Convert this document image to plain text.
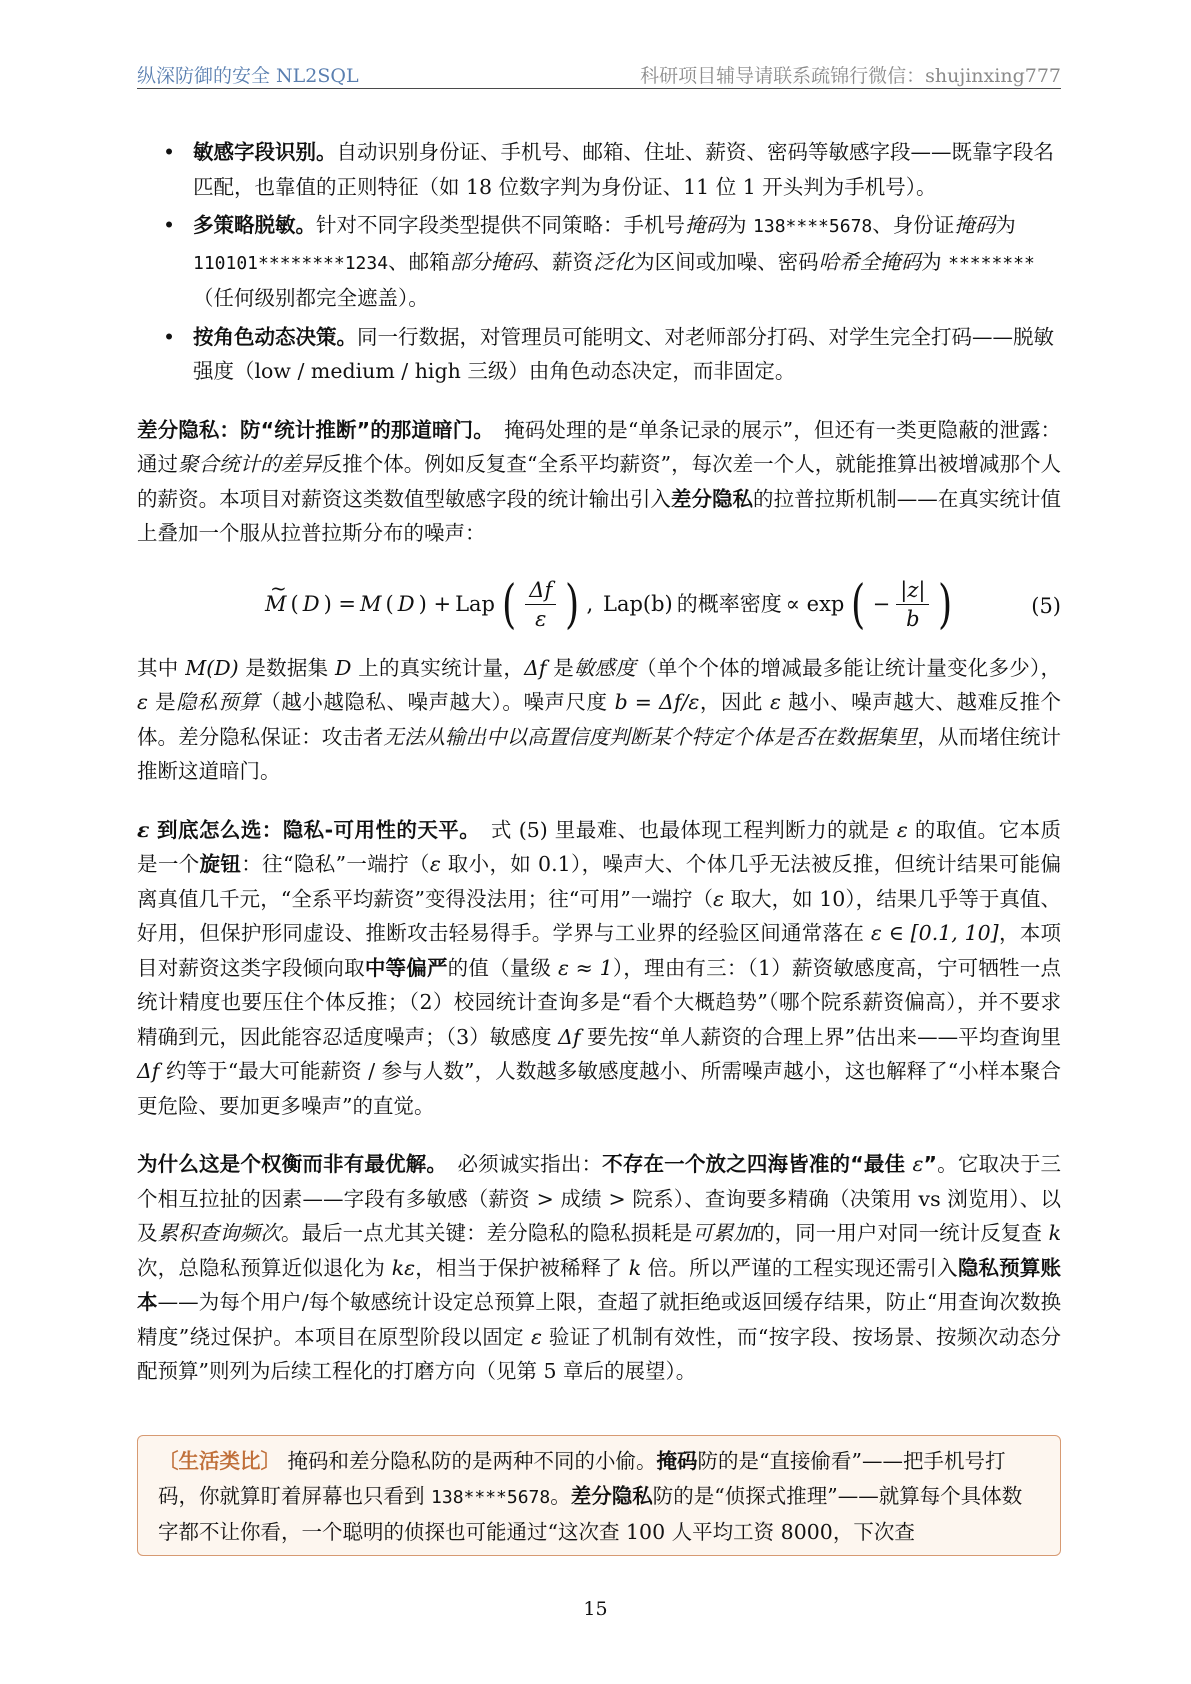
纵深防御的安全 NL2SQL	科研项目辅导请联系疏锦行微信：shujinxing777
• 敏感字段识别。自动识别身份证、手机号、邮箱、住址、薪资、密码等敏感字段——既靠字段名匹配，也靠值的正则特征（如 18 位数字判为身份证、11 位 1 开头判为手机号）。
• 多策略脱敏。针对不同字段类型提供不同策略：手机号掩码为 138****5678、身份证掩码为 110101********1234、邮箱部分掩码、薪资泛化为区间或加噪、密码哈希全掩码为 ********（任何级别都完全遮盖）。
• 按角色动态决策。同一行数据，对管理员可能明文、对老师部分打码、对学生完全打码——脱敏强度（low / medium / high 三级）由角色动态决定，而非固定。

差分隐私：防“统计推断”的那道暗门。　掩码处理的是“单条记录的展示”，但还有一类更隐蔽的泄露：通过聚合统计的差异反推个体。例如反复查“全系平均薪资”，每次差一个人，就能推算出被增减那个人的薪资。本项目对薪资这类数值型敏感字段的统计输出引入差分隐私的拉普拉斯机制——在真实统计值上叠加一个服从拉普拉斯分布的噪声：

~ M ( D ) = M ( D ) + Lap ( $\frac{\Delta f}{\varepsilon}$ ) , Lap(b) 的概率密度 ∝ exp ( − $\frac{|z|}{b}$ )	(5)

其中 M(D) 是数据集 D 上的真实统计量，Δf 是敏感度（单个个体的增减最多能让统计量变化多少），ε 是隐私预算（越小越隐私、噪声越大）。噪声尺度 b = Δf/ε，因此 ε 越小、噪声越大、越难反推个体。差分隐私保证：攻击者无法从输出中以高置信度判断某个特定个体是否在数据集里，从而堵住统计推断这道暗门。

ε 到底怎么选：隐私-可用性的天平。　式 (5) 里最难、也最体现工程判断力的就是 ε 的取值。它本质是一个旋钮：往“隐私”一端拧（ε 取小，如 0.1），噪声大、个体几乎无法被反推，但统计结果可能偏离真值几千元，“全系平均薪资”变得没法用；往“可用”一端拧（ε 取大，如 10），结果几乎等于真值、好用，但保护形同虚设、推断攻击轻易得手。学界与工业界的经验区间通常落在 ε ∈ [0.1, 10]，本项目对薪资这类字段倾向取中等偏严的值（量级 ε ≈ 1），理由有三：（1）薪资敏感度高，宁可牺牲一点统计精度也要压住个体反推；（2）校园统计查询多是“看个大概趋势”（哪个院系薪资偏高），并不要求精确到元，因此能容忍适度噪声；（3）敏感度 Δf 要先按“单人薪资的合理上界”估出来——平均查询里 Δf 约等于“最大可能薪资 / 参与人数”，人数越多敏感度越小、所需噪声越小，这也解释了“小样本聚合更危险、要加更多噪声”的直觉。

为什么这是个权衡而非有最优解。　必须诚实指出：不存在一个放之四海皆准的“最佳 ε”。它取决于三个相互拉扯的因素——字段有多敏感（薪资 > 成绩 > 院系）、查询要多精确（决策用 vs 浏览用）、以及累积查询频次。最后一点尤其关键：差分隐私的隐私损耗是可累加的，同一用户对同一统计反复查 k 次，总隐私预算近似退化为 kε，相当于保护被稀释了 k 倍。所以严谨的工程实现还需引入隐私预算账本——为每个用户/每个敏感统计设定总预算上限，查超了就拒绝或返回缓存结果，防止“用查询次数换精度”绕过保护。本项目在原型阶段以固定 ε 验证了机制有效性，而“按字段、按场景、按频次动态分配预算”则列为后续工程化的打磨方向（见第 5 章后的展望）。

〔生活类比〕 掩码和差分隐私防的是两种不同的小偷。掩码防的是“直接偷看”——把手机号打码，你就算盯着屏幕也只看到 138****5678。差分隐私防的是“侦探式推理”——就算每个具体数字都不让你看，一个聪明的侦探也可能通过“这次查 100 人平均工资 8000，下次查
15
